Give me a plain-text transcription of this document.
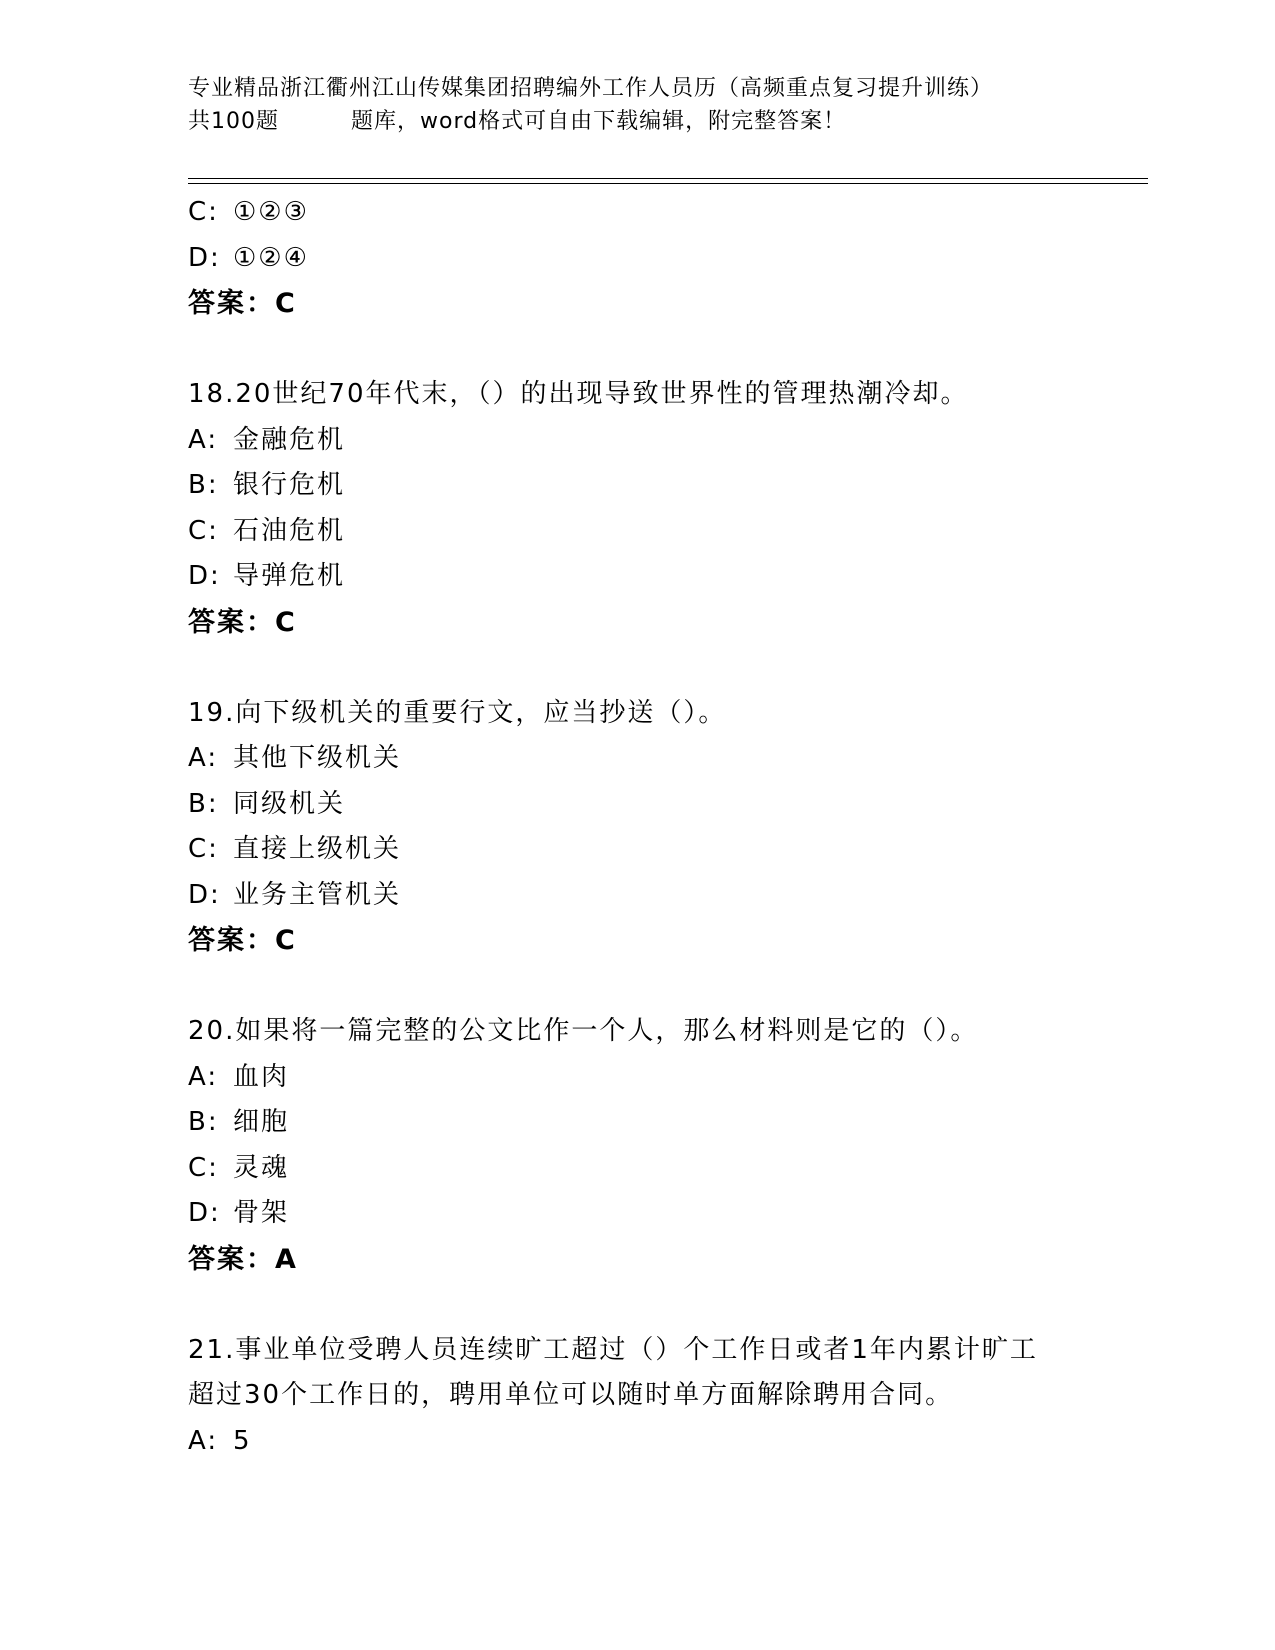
专业精品浙江衢州江山传媒集团招聘编外工作人员历（高频重点复习提升训练）
共100题	题库，word格式可自由下载编辑，附完整答案！
C: ①②③
D: ①②④
答案：C
18.20世纪70年代末，（）的出现导致世界性的管理热潮冷却。
A: 金融危机
B: 银行危机
C: 石油危机
D: 导弹危机
答案：C
19.向下级机关的重要行文，应当抄送（）。
A: 其他下级机关
B: 同级机关
C: 直接上级机关
D: 业务主管机关
答案：C
20.如果将一篇完整的公文比作一个人，那么材料则是它的（）。
A: 血肉
B: 细胞
C: 灵魂
D: 骨架
答案：A
21.事业单位受聘人员连续旷工超过（）个工作日或者1年内累计旷工
超过30个工作日的，聘用单位可以随时单方面解除聘用合同。
A: 5
